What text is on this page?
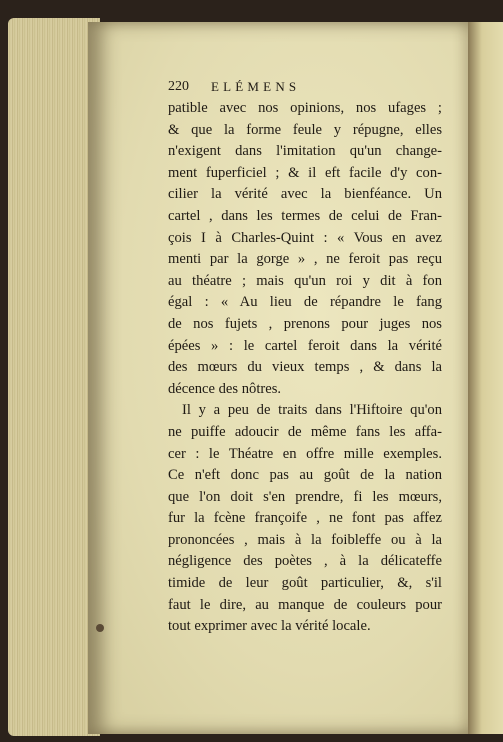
220 ELÉMENS
patible avec nos opinions, nos ufages ;
& que la forme feule y répugne, elles
n'exigent dans l'imitation qu'un change-
ment fuperficiel ; & il eft facile d'y con-
cilier la vérité avec la bienféance. Un
cartel , dans les termes de celui de Fran-
çois I à Charles-Quint : « Vous en avez
menti par la gorge » , ne feroit pas reçu
au théatre ; mais qu'un roi y dit à fon
égal : « Au lieu de répandre le fang
de nos fujets , prenons pour juges nos
épées » : le cartel feroit dans la vérité
des mœurs du vieux temps , & dans la
décence des nôtres.
Il y a peu de traits dans l'Hiftoire qu'on
ne puiffe adoucir de même fans les affa-
cer : le Théatre en offre mille exemples.
Ce n'eft donc pas au goût de la nation
que l'on doit s'en prendre, fi les mœurs,
fur la fcène françoife , ne font pas affez
prononcées , mais à la foibleffe ou à la
négligence des poètes , à la délicateffe
timide de leur goût particulier, &, s'il
faut le dire, au manque de couleurs pour
tout exprimer avec la vérité locale.
